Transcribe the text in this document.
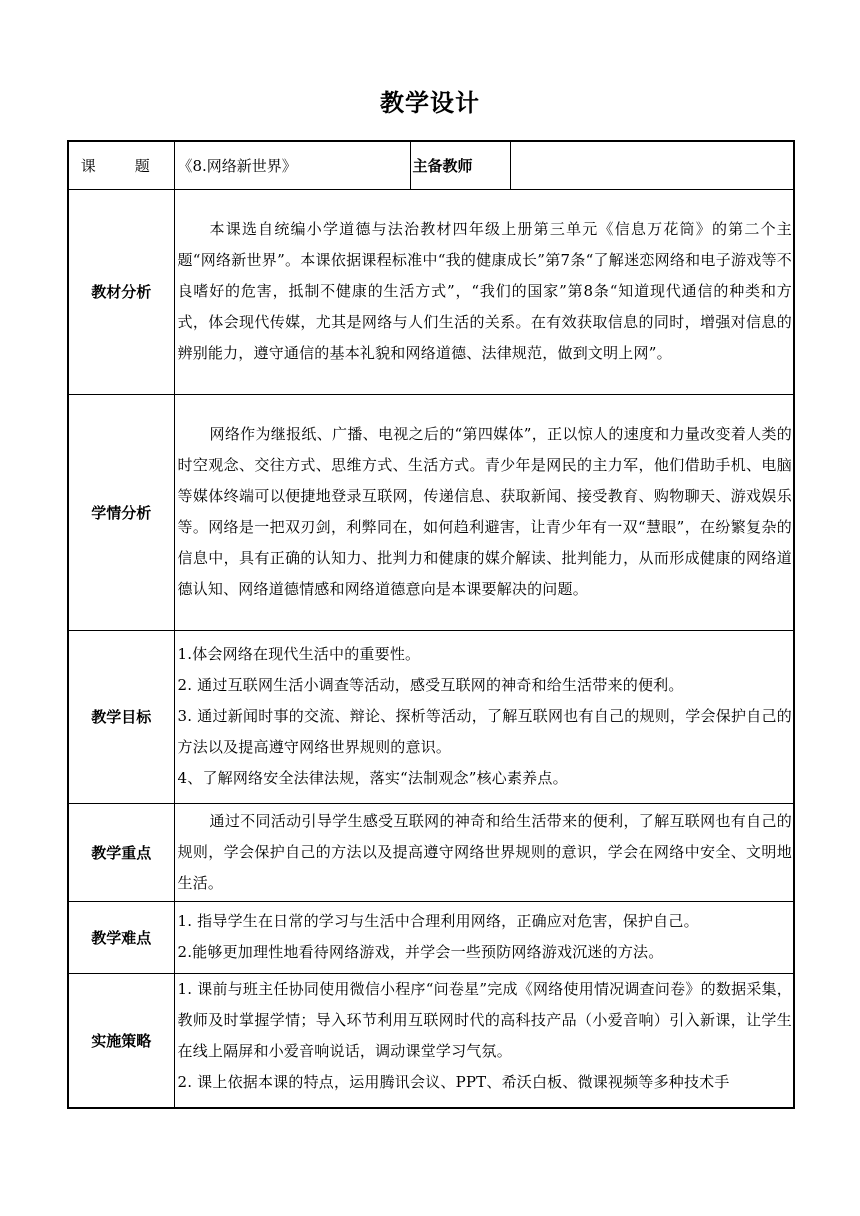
教学设计
课　题	《8.网络新世界》	主备教师	
教材分析	本课选自统编小学道德与法治教材四年级上册第三单元《信息万花筒》的第二个主题“网络新世界”。本课依据课程标准中“我的健康成长”第7条“了解迷恋网络和电子游戏等不良嗜好的危害，抵制不健康的生活方式”，“我们的国家”第8条“知道现代通信的种类和方式，体会现代传媒，尤其是网络与人们生活的关系。在有效获取信息的同时，增强对信息的辨别能力，遵守通信的基本礼貌和网络道德、法律规范，做到文明上网”。		

学情分析	网络作为继报纸、广播、电视之后的“第四媒体”，正以惊人的速度和力量改变着人类的时空观念、交往方式、思维方式、生活方式。青少年是网民的主力军，他们借助手机、电脑等媒体终端可以便捷地登录互联网，传递信息、获取新闻、接受教育、购物聊天、游戏娱乐等。网络是一把双刃剑，利弊同在，如何趋利避害，让青少年有一双“慧眼”，在纷繁复杂的信息中，具有正确的认知力、批判力和健康的媒介解读、批判能力，从而形成健康的网络道德认知、网络道德情感和网络道德意向是本课要解决的问题。		

教学目标	1.体会网络在现代生活中的重要性。

2. 通过互联网生活小调查等活动，感受互联网的神奇和给生活带来的便利。

3. 通过新闻时事的交流、辩论、探析等活动，了解互联网也有自己的规则，学会保护自己的方法以及提高遵守网络世界规则的意识。

4、了解网络安全法律法规，落实“法制观念”核心素养点。		

教学重点	通过不同活动引导学生感受互联网的神奇和给生活带来的便利，了解互联网也有自己的规则，学会保护自己的方法以及提高遵守网络世界规则的意识，学会在网络中安全、文明地生活。		

教学难点	1. 指导学生在日常的学习与生活中合理利用网络，正确应对危害，保护自己。

2.能够更加理性地看待网络游戏，并学会一些预防网络游戏沉迷的方法。		

实施策略	1. 课前与班主任协同使用微信小程序“问卷星”完成《网络使用情况调查问卷》的数据采集，教师及时掌握学情；导入环节利用互联网时代的高科技产品（小爱音响）引入新课，让学生在线上隔屏和小爱音响说话，调动课堂学习气氛。

2. 课上依据本课的特点，运用腾讯会议、PPT、希沃白板、微课视频等多种技术手		
